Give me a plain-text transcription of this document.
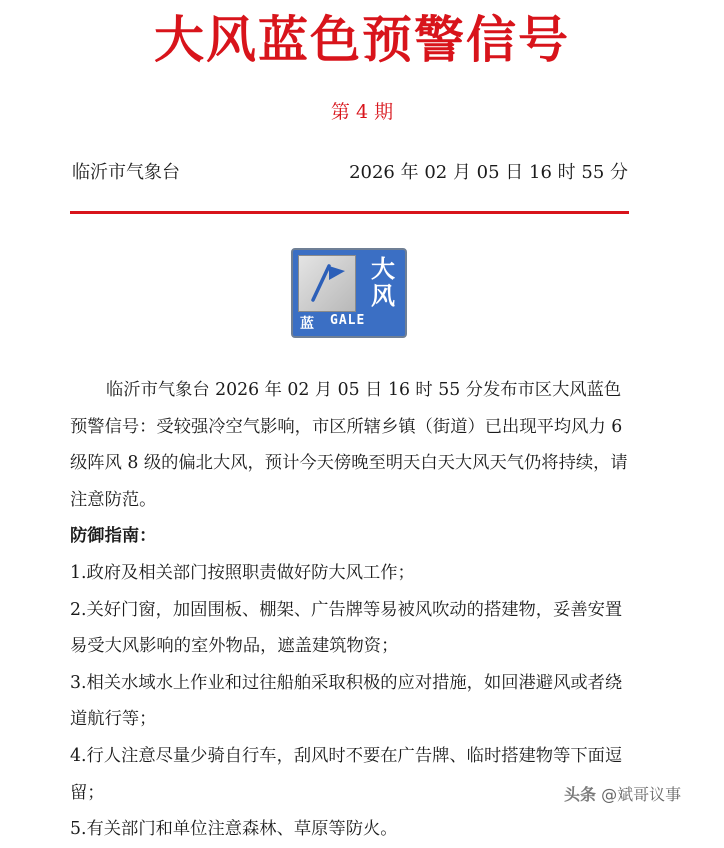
大风蓝色预警信号
第 4 期
临沂市气象台	2026 年 02 月 05 日 16 时 55 分
大
风
蓝 GALE

临沂市气象台 2026 年 02 月 05 日 16 时 55 分发布市区大风蓝色预警信号：受较强冷空气影响，市区所辖乡镇（街道）已出现平均风力 6 级阵风 8 级的偏北大风，预计今天傍晚至明天白天大风天气仍将持续，请注意防范。

防御指南：

1.政府及相关部门按照职责做好防大风工作；

2.关好门窗，加固围板、棚架、广告牌等易被风吹动的搭建物，妥善安置易受大风影响的室外物品，遮盖建筑物资；

3.相关水域水上作业和过往船舶采取积极的应对措施，如回港避风或者绕道航行等；

4.行人注意尽量少骑自行车，刮风时不要在广告牌、临时搭建物等下面逗留；

5.有关部门和单位注意森林、草原等防火。

头条 @斌哥议事
